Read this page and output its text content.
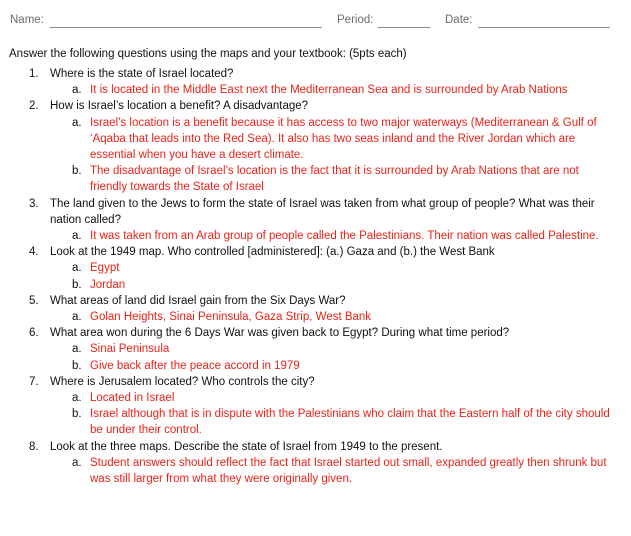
Name:	Period:	Date:
Answer the following questions using the maps and your textbook: (5pts each)
1. Where is the state of Israel located?
a. It is located in the Middle East next the Mediterranean Sea and is surrounded by Arab Nations
2. How is Israel’s location a benefit? A disadvantage?
a. Israel’s location is a benefit because it has access to two major waterways (Mediterranean & Gulf of ‘Aqaba that leads into the Red Sea). It also has two seas inland and the River Jordan which are essential when you have a desert climate.
b. The disadvantage of Israel’s location is the fact that it is surrounded by Arab Nations that are not friendly towards the State of Israel
3. The land given to the Jews to form the state of Israel was taken from what group of people? What was their nation called?
a. It was taken from an Arab group of people called the Palestinians. Their nation was called Palestine.
4. Look at the 1949 map. Who controlled [administered]: (a.) Gaza and (b.) the West Bank
a. Egypt
b. Jordan
5. What areas of land did Israel gain from the Six Days War?
a. Golan Heights, Sinai Peninsula, Gaza Strip, West Bank
6. What area won during the 6 Days War was given back to Egypt? During what time period?
a. Sinai Peninsula
b. Give back after the peace accord in 1979
7. Where is Jerusalem located? Who controls the city?
a. Located in Israel
b. Israel although that is in dispute with the Palestinians who claim that the Eastern half of the city should be under their control.
8. Look at the three maps. Describe the state of Israel from 1949 to the present.
a. Student answers should reflect the fact that Israel started out small, expanded greatly then shrunk but was still larger from what they were originally given.
